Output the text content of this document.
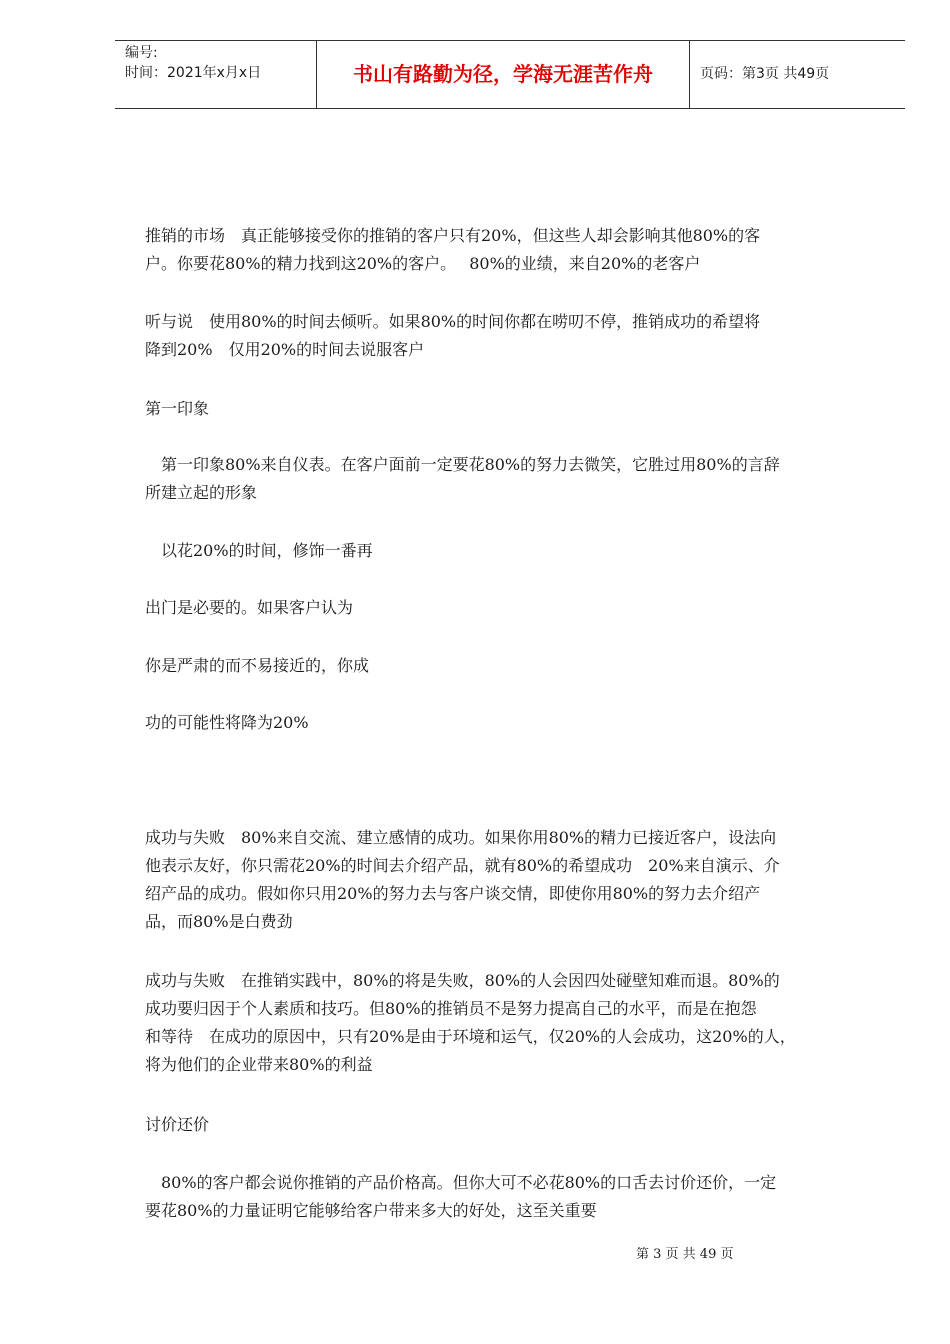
编号:
时间：2021年x月x日	书山有路勤为径，学海无涯苦作舟	页码：第3页 共49页
推销的市场　真正能够接受你的推销的客户只有20%，但这些人却会影响其他80%的客
户。你要花80%的精力找到这20%的客户。　 80%的业绩，来自20%的老客户
听与说　使用80%的时间去倾听。如果80%的时间你都在唠叨不停，推销成功的希望将
降到20%　仅用20%的时间去说服客户
第一印象
　第一印象80%来自仪表。在客户面前一定要花80%的努力去微笑，它胜过用80%的言辞
所建立起的形象
　以花20%的时间，修饰一番再
出门是必要的。如果客户认为
你是严肃的而不易接近的，你成
功的可能性将降为20%
成功与失败　80%来自交流、建立感情的成功。如果你用80%的精力已接近客户，设法向
他表示友好，你只需花20%的时间去介绍产品，就有80%的希望成功　20%来自演示、介
绍产品的成功。假如你只用20%的努力去与客户谈交情，即使你用80%的努力去介绍产
品，而80%是白费劲
成功与失败　在推销实践中，80%的将是失败，80%的人会因四处碰壁知难而退。80%的
成功要归因于个人素质和技巧。但80%的推销员不是努力提高自己的水平，而是在抱怨
和等待　在成功的原因中，只有20%是由于环境和运气，仅20%的人会成功，这20%的人，
将为他们的企业带来80%的利益
讨价还价
　80%的客户都会说你推销的产品价格高。但你大可不必花80%的口舌去讨价还价，一定
要花80%的力量证明它能够给客户带来多大的好处，这至关重要
第 3 页 共 49 页
